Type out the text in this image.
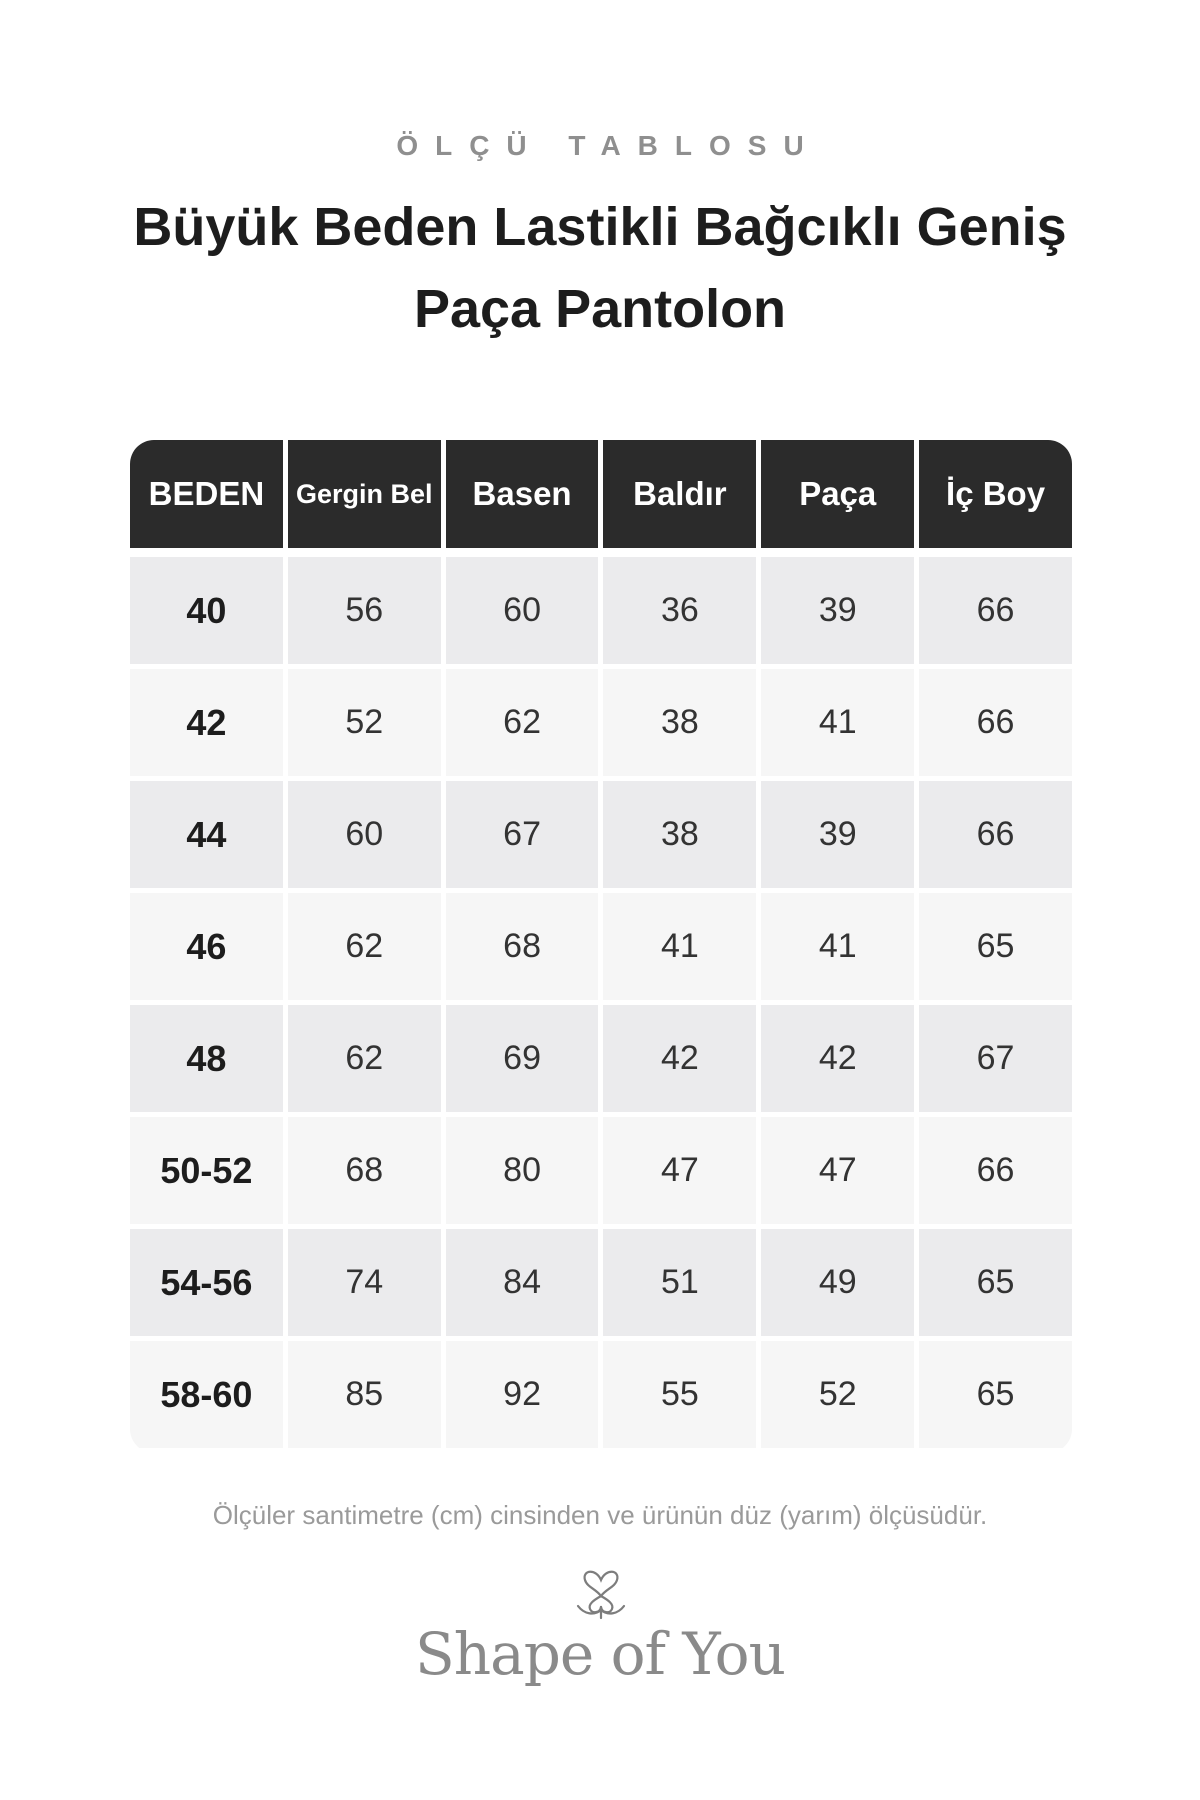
ÖLÇÜ TABLOSU
Büyük Beden Lastikli Bağcıklı Geniş
Paça Pantolon
BEDEN	Gergin Bel	Basen	Baldır	Paça	İç Boy
40	56	60	36	39	66
42	52	62	38	41	66
44	60	67	38	39	66
46	62	68	41	41	65
48	62	69	42	42	67
50-52	68	80	47	47	66
54-56	74	84	51	49	65
58-60	85	92	55	52	65
Ölçüler santimetre (cm) cinsinden ve ürünün düz (yarım) ölçüsüdür.
Shape of You
